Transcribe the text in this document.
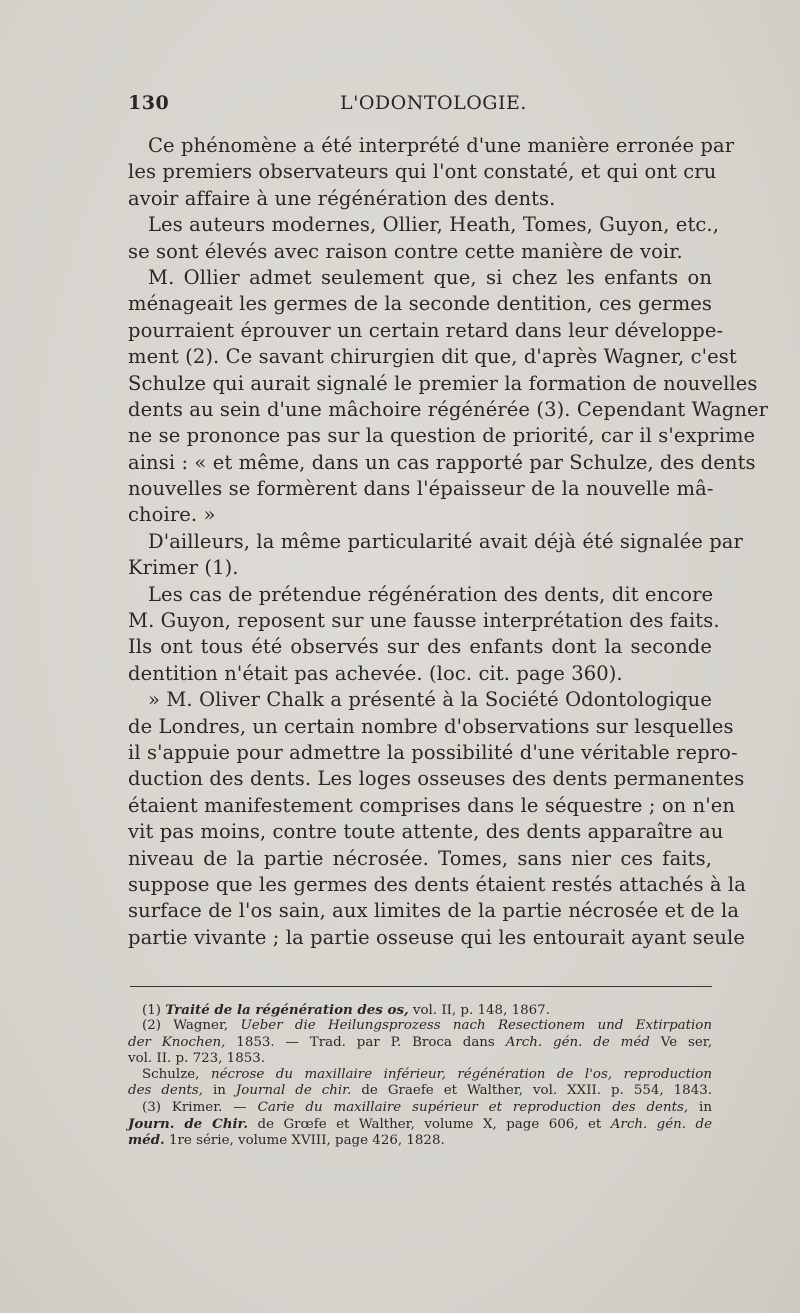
130	L'ODONTOLOGIE.
Ce phénomène a été interprété d'une manière erronée par
les premiers observateurs qui l'ont constaté, et qui ont cru
avoir affaire à une régénération des dents.
Les auteurs modernes, Ollier, Heath, Tomes, Guyon, etc.,
se sont élevés avec raison contre cette manière de voir.
M. Ollier admet seulement que, si chez les enfants on
ménageait les germes de la seconde dentition, ces germes
pourraient éprouver un certain retard dans leur développe-
ment (2). Ce savant chirurgien dit que, d'après Wagner, c'est
Schulze qui aurait signalé le premier la formation de nouvelles
dents au sein d'une mâchoire régénérée (3). Cependant Wagner
ne se prononce pas sur la question de priorité, car il s'exprime
ainsi : « et même, dans un cas rapporté par Schulze, des dents
nouvelles se formèrent dans l'épaisseur de la nouvelle mâ-
choire. »
D'ailleurs, la même particularité avait déjà été signalée par
Krimer (1).
Les cas de prétendue régénération des dents, dit encore
M. Guyon, reposent sur une fausse interprétation des faits.
Ils ont tous été observés sur des enfants dont la seconde
dentition n'était pas achevée. (loc. cit. page 360).
» M. Oliver Chalk a présenté à la Société Odontologique
de Londres, un certain nombre d'observations sur lesquelles
il s'appuie pour admettre la possibilité d'une véritable repro-
duction des dents. Les loges osseuses des dents permanentes
étaient manifestement comprises dans le séquestre ; on n'en
vit pas moins, contre toute attente, des dents apparaître au
niveau de la partie nécrosée. Tomes, sans nier ces faits,
suppose que les germes des dents étaient restés attachés à la
surface de l'os sain, aux limites de la partie nécrosée et de la
partie vivante ; la partie osseuse qui les entourait ayant seule
(1) Traité de la régénération des os, vol. II, p. 148, 1867.
(2) Wagner, Ueber die Heilungsprozess nach Resectionem und Extirpation
der Knochen, 1853. — Trad. par P. Broca dans Arch. gén. de méd Ve ser,
vol. II. p. 723, 1853.
Schulze, nécrose du maxillaire inférieur, régénération de l'os, reproduction
des dents, in Journal de chir. de Graefe et Walther, vol. XXII. p. 554, 1843.
(3) Krimer. — Carie du maxillaire supérieur et reproduction des dents, in
Journ. de Chir. de Grœfe et Walther, volume X, page 606, et Arch. gén. de
méd. 1re série, volume XVIII, page 426, 1828.
